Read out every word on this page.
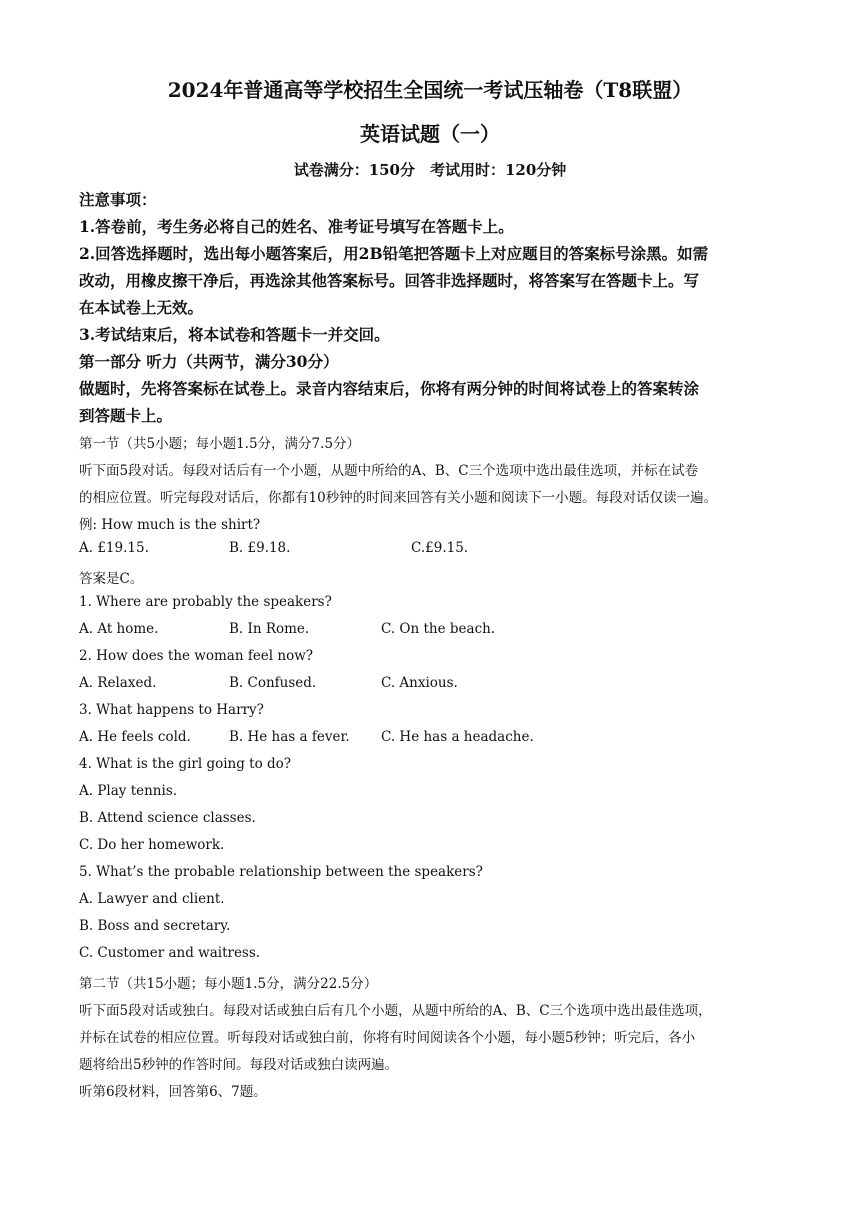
2024年普通高等学校招生全国统一考试压轴卷（T8联盟）
英语试题（一）
试卷满分：150分　考试用时：120分钟
注意事项：
1.答卷前，考生务必将自己的姓名、准考证号填写在答题卡上。
2.回答选择题时，选出每小题答案后，用2B铅笔把答题卡上对应题目的答案标号涂黑。如需
改动，用橡皮擦干净后，再选涂其他答案标号。回答非选择题时，将答案写在答题卡上。写
在本试卷上无效。
3.考试结束后，将本试卷和答题卡一并交回。
第一部分 听力（共两节，满分30分）
做题时，先将答案标在试卷上。录音内容结束后，你将有两分钟的时间将试卷上的答案转涂
到答题卡上。
第一节（共5小题；每小题1.5分，满分7.5分）
听下面5段对话。每段对话后有一个小题，从题中所给的A、B、C三个选项中选出最佳选项，并标在试卷
的相应位置。听完每段对话后，你都有10秒钟的时间来回答有关小题和阅读下一小题。每段对话仅读一遍。
例: How much is the shirt?
A. £19.15.	B. £9.18.	C.£9.15.
答案是C。
1. Where are probably the speakers?
A. At home.	B. In Rome.	C. On the beach.
2. How does the woman feel now?
A. Relaxed.	B. Confused.	C. Anxious.
3. What happens to Harry?
A. He feels cold.	B. He has a fever. C. He has a headache.
4. What is the girl going to do?
A. Play tennis.
B. Attend science classes.
C. Do her homework.
5. What’s the probable relationship between the speakers?
A. Lawyer and client.
B. Boss and secretary.
C. Customer and waitress.
第二节（共15小题；每小题1.5分，满分22.5分）
听下面5段对话或独白。每段对话或独白后有几个小题，从题中所给的A、B、C三个选项中选出最佳选项，
并标在试卷的相应位置。听每段对话或独白前，你将有时间阅读各个小题，每小题5秒钟；听完后，各小
题将给出5秒钟的作答时间。每段对话或独白读两遍。
听第6段材料，回答第6、7题。
